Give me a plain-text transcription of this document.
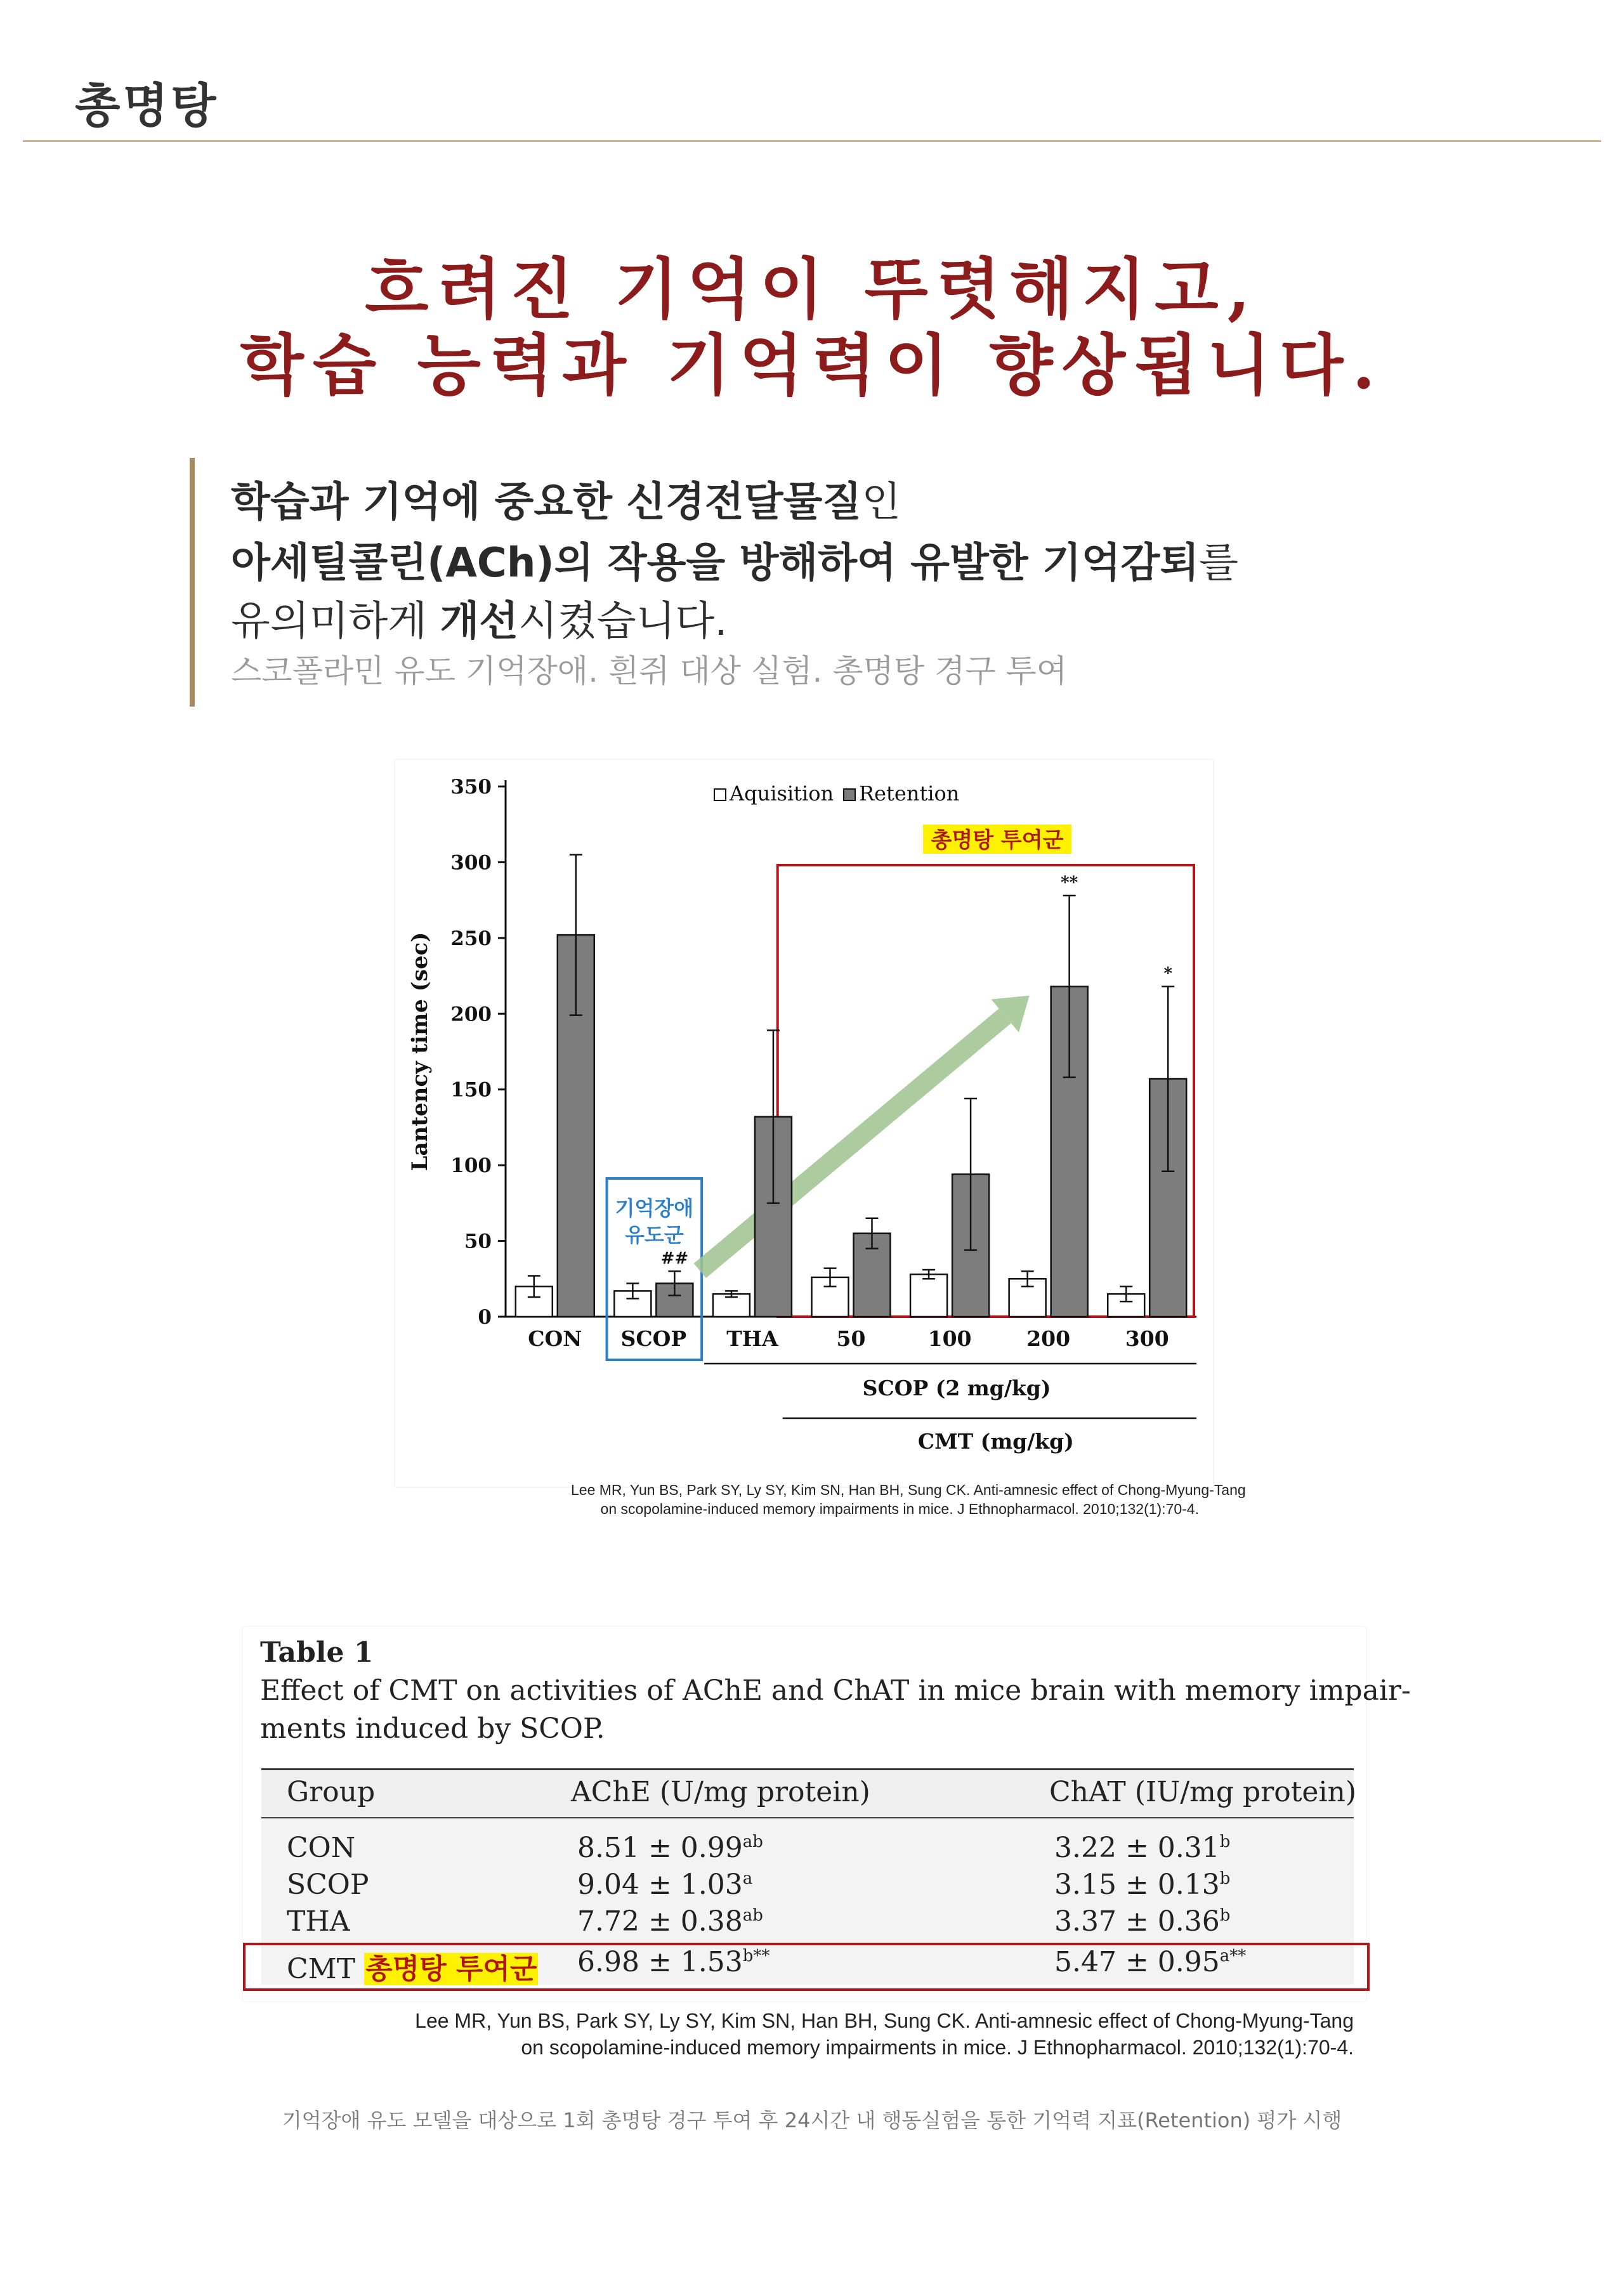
총명탕
흐려진 기억이 뚜렷해지고,
학습 능력과 기억력이 향상됩니다.
학습과 기억에 중요한 신경전달물질인
아세틸콜린(ACh)의 작용을 방해하여 유발한 기억감퇴를
유의미하게 개선시켰습니다.
스코폴라민 유도 기억장애. 흰쥐 대상 실험. 총명탕 경구 투여
0
50
100
150
200
250
300
350
Lantency time (sec)
##
**
*
CON SCOP THA	50	100	200	300
SCOP (2 mg/kg)
CMT (mg/kg)
Aquisition Retention
총명탕 투여군
기억장애
유도군
Lee MR, Yun BS, Park SY, Ly SY, Kim SN, Han BH, Sung CK. Anti-amnesic effect of Chong-Myung-Tang
on scopolamine-induced memory impairments in mice. J Ethnopharmacol. 2010;132(1):70-4.
Table 1
Effect of CMT on activities of AChE and ChAT in mice brain with memory impair-
ments induced by SCOP.
Group	AChE (U/mg protein)	ChAT (IU/mg protein)
CON	8.51 ± 0.99$^{ab}$	3.22 ± 0.31$^b$
SCOP	9.04 ± 1.03$^a$	3.15 ± 0.13$^b$
THA	7.72 ± 0.38$^{ab}$	3.37 ± 0.36$^b$
CMT 총명탕 투여군 $6.98 \pm 1.53^{b**}$	$5.47 \pm 0.95^{a**}$
Lee MR, Yun BS, Park SY, Ly SY, Kim SN, Han BH, Sung CK. Anti-amnesic effect of Chong-Myung-Tang
on scopolamine-induced memory impairments in mice. J Ethnopharmacol. 2010;132(1):70-4.
기억장애 유도 모델을 대상으로 1회 총명탕 경구 투여 후 24시간 내 행동실험을 통한 기억력 지표(Retention) 평가 시행
